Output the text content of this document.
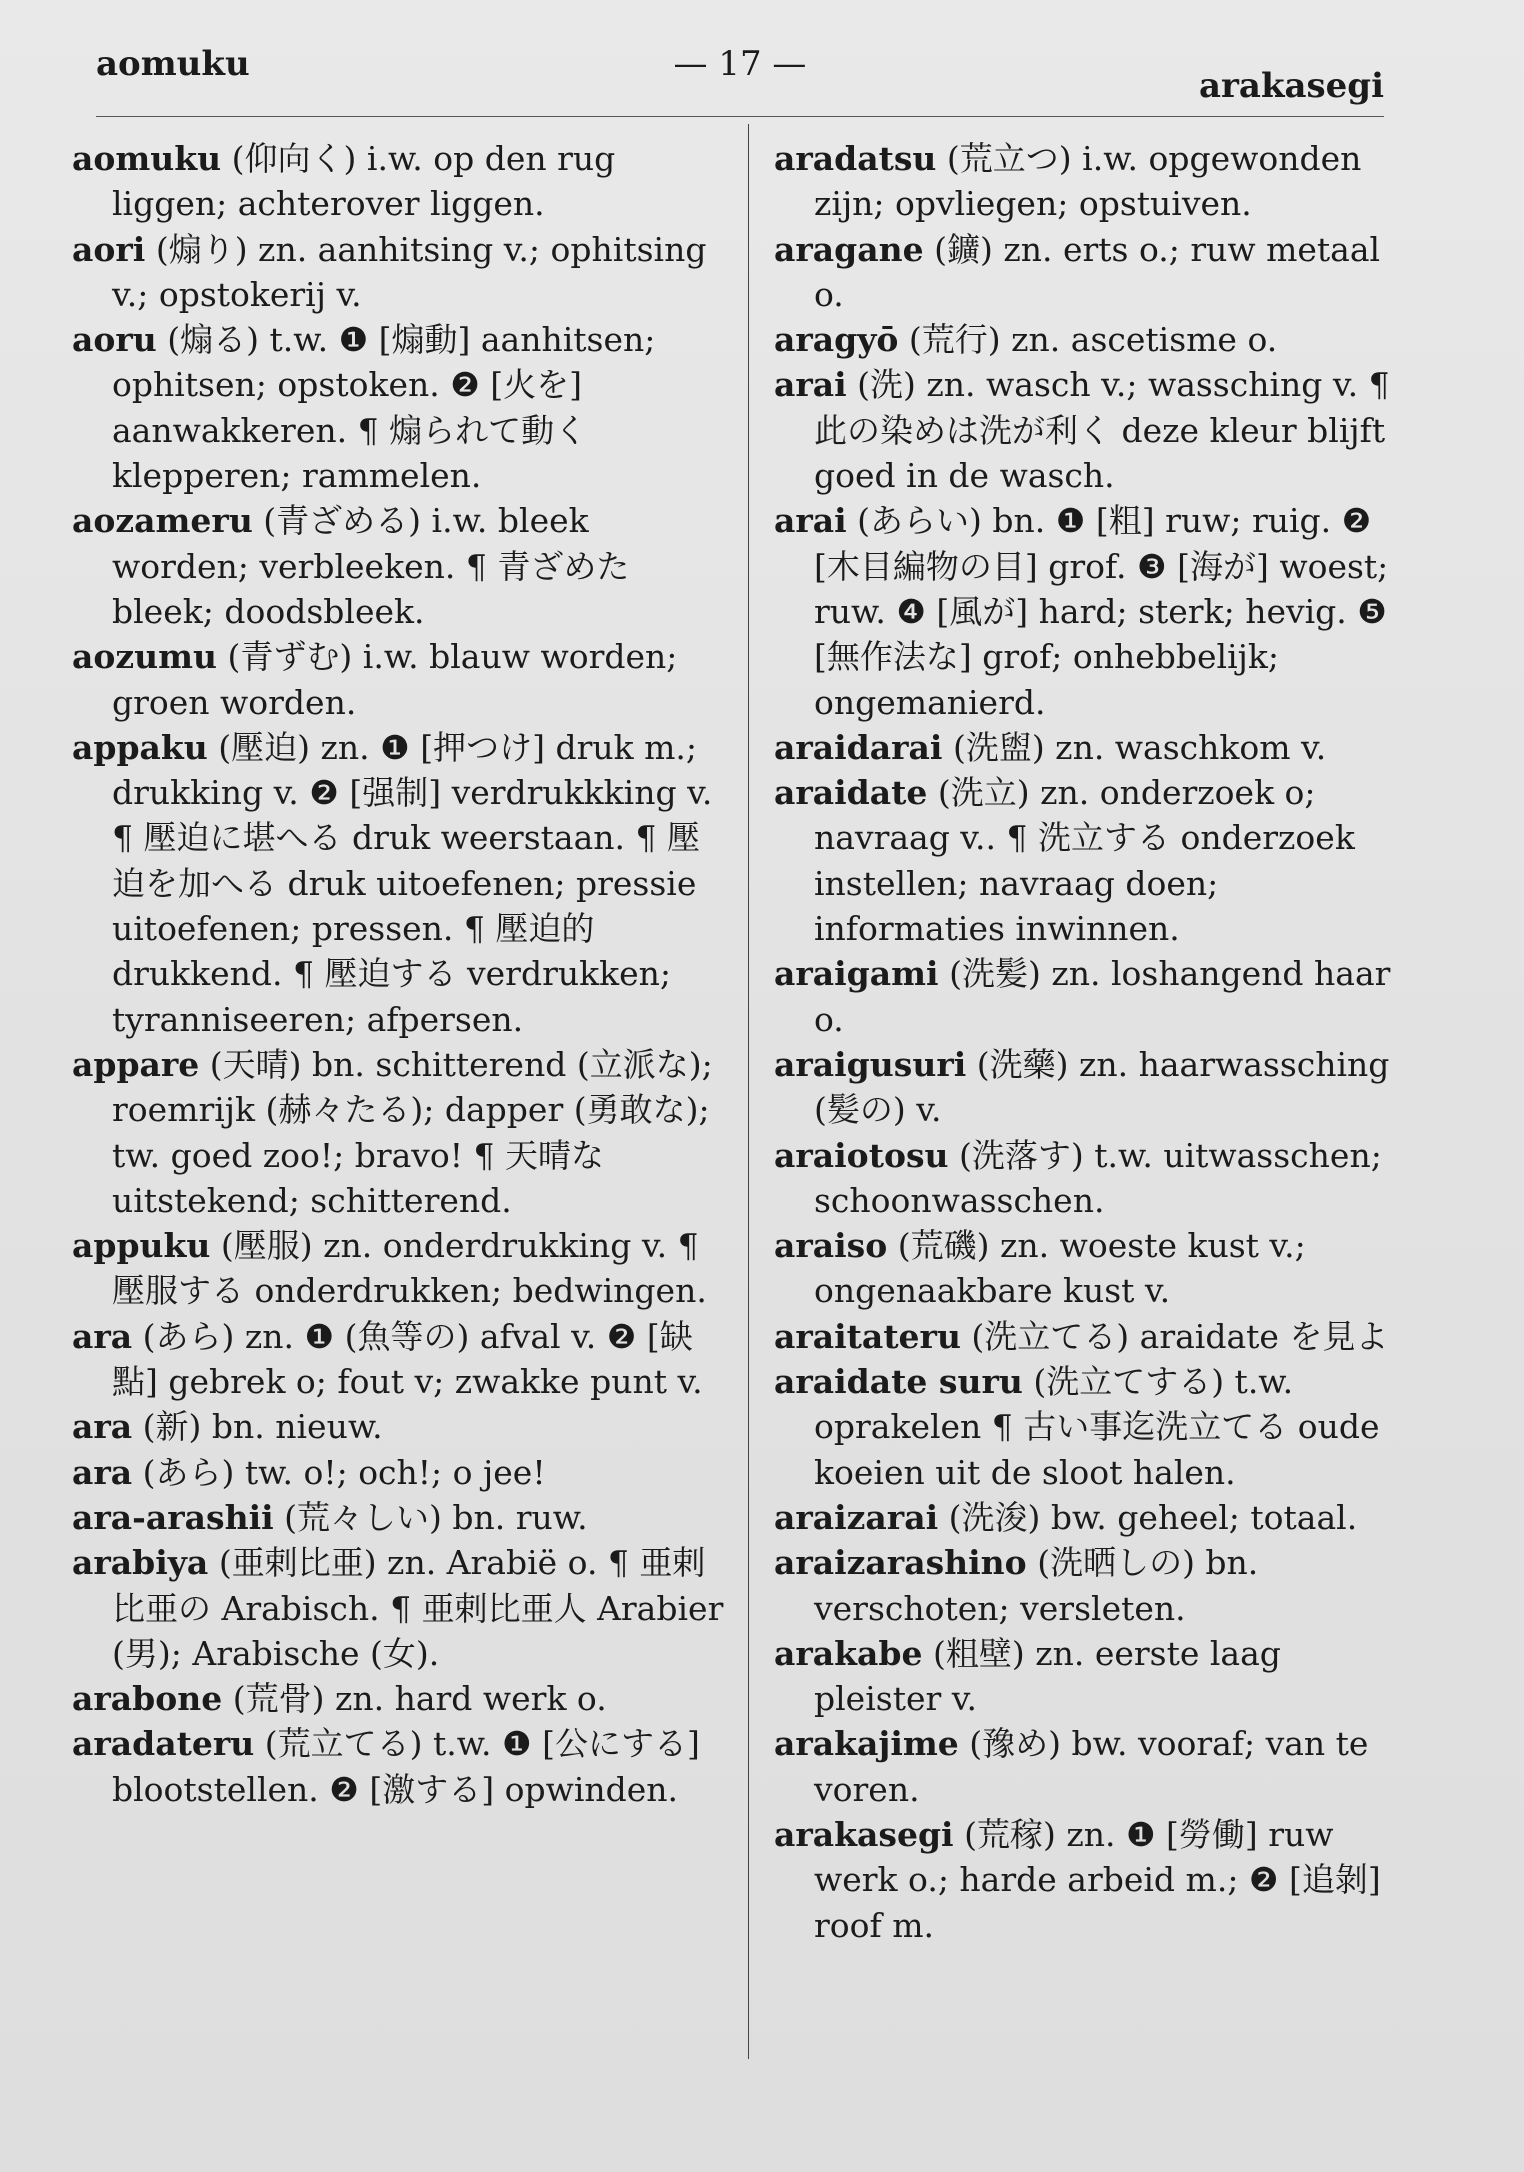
aomuku	— 17 —
arakasegi

aomuku (仰向く) i.w. op den rug liggen; achterover liggen.

aori (煽り) zn. aanhitsing v.; ophitsing v.; opstokerij v.

aoru (煽る) t.w. ❶ [煽動] aanhitsen; ophitsen; opstoken. ❷ [火を] aanwakkeren. ¶ 煽られて動く klepperen; rammelen.

aozameru (青ざめる) i.w. bleek worden; verbleeken. ¶ 青ざめた bleek; doodsbleek.

aozumu (青ずむ) i.w. blauw worden; groen worden.

appaku (壓迫) zn. ❶ [押つけ] druk m.; drukking v. ❷ [强制] verdrukkking v. ¶ 壓迫に堪へる druk weerstaan. ¶ 壓迫を加へる druk uitoefenen; pressie uitoefenen; pressen. ¶ 壓迫的 drukkend. ¶ 壓迫する verdrukken; tyranniseeren; afpersen.

appare (天晴) bn. schitterend (立派な); roemrijk (赫々たる); dapper (勇敢な); tw. goed zoo!; bravo! ¶ 天晴な uitstekend; schitterend.

appuku (壓服) zn. onderdrukking v. ¶ 壓服する onderdrukken; bedwingen.

ara (あら) zn. ❶ (魚等の) afval v. ❷ [缺點] gebrek o; fout v; zwakke punt v.

ara (新) bn. nieuw.

ara (あら) tw. o!; och!; o jee!

ara-arashii (荒々しい) bn. ruw.

arabiya (亜剌比亜) zn. Arabië o. ¶ 亜剌比亜の Arabisch. ¶ 亜剌比亜人 Arabier (男); Arabische (女).

arabone (荒骨) zn. hard werk o.

aradateru (荒立てる) t.w. ❶ [公にする] blootstellen. ❷ [激する] opwinden.

aradatsu (荒立つ) i.w. opgewonden zijn; opvliegen; opstuiven.

aragane (鑛) zn. erts o.; ruw metaal o.

aragyō (荒行) zn. ascetisme o.

arai (洗) zn. wasch v.; wassching v. ¶ 此の染めは洗が利く deze kleur blijft goed in de wasch.

arai (あらい) bn. ❶ [粗] ruw; ruig. ❷ [木目編物の目] grof. ❸ [海が] woest; ruw. ❹ [風が] hard; sterk; hevig. ❺ [無作法な] grof; onhebbelijk; ongemanierd.

araidarai (洗盥) zn. waschkom v.

araidate (洗立) zn. onderzoek o; navraag v.. ¶ 洗立する onderzoek instellen; navraag doen; informaties inwinnen.

araigami (洗髪) zn. loshangend haar o.

araigusuri (洗藥) zn. haarwassching (髪の) v.

araiotosu (洗落す) t.w. uitwasschen; schoonwasschen.

araiso (荒磯) zn. woeste kust v.; ongenaakbare kust v.

araitateru (洗立てる) araidate を見よ

araidate suru (洗立てする) t.w. oprakelen ¶ 古い事迄洗立てる oude koeien uit de sloot halen.

araizarai (洗浚) bw. geheel; totaal.

araizarashino (洗晒しの) bn. verschoten; versleten.

arakabe (粗壁) zn. eerste laag pleister v.

arakajime (豫め) bw. vooraf; van te voren.

arakasegi (荒稼) zn. ❶ [勞働] ruw werk o.; harde arbeid m.; ❷ [追剝] roof m.
